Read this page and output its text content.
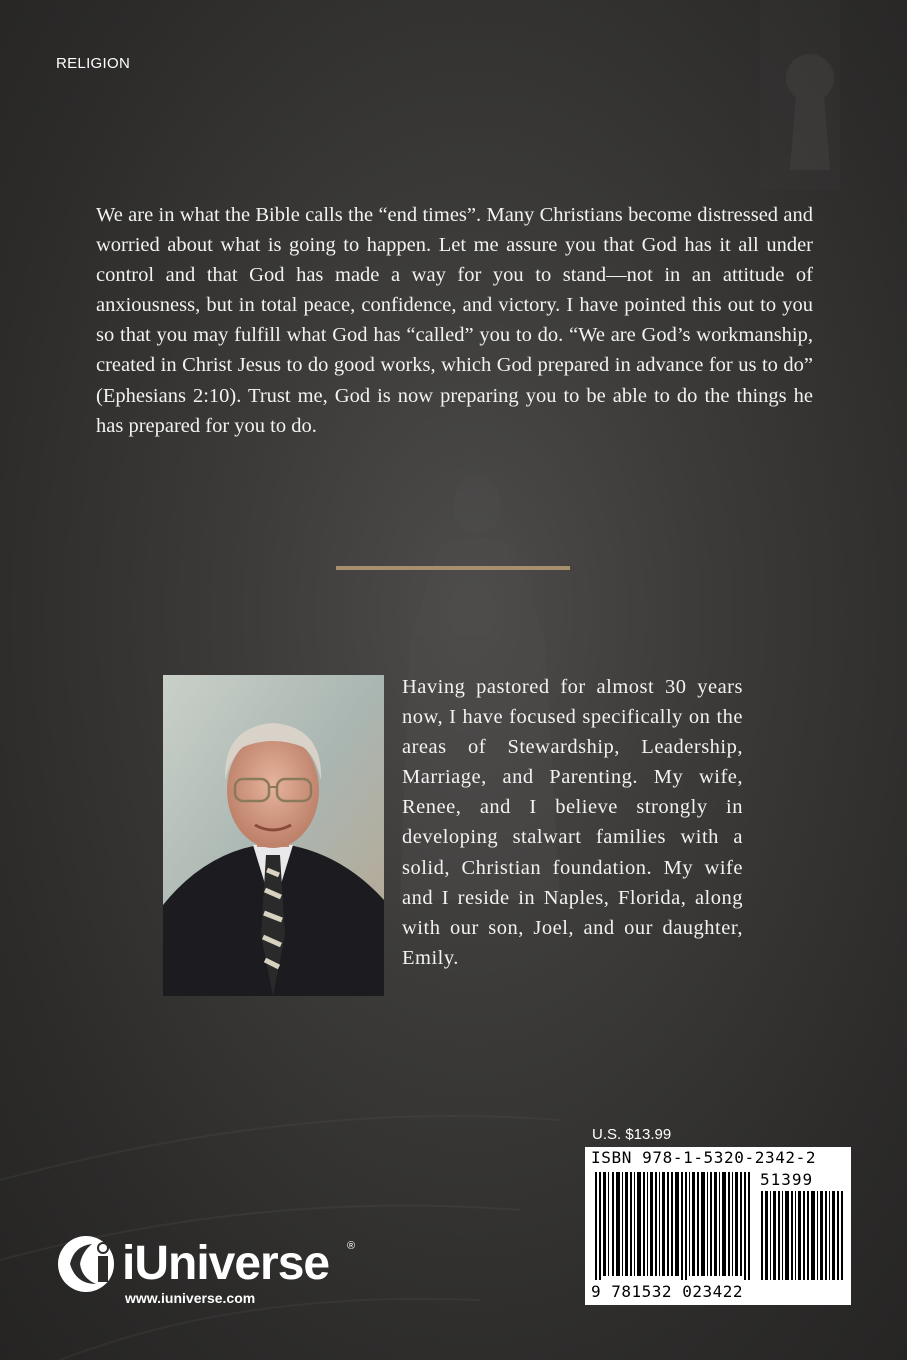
RELIGION

We are in what the Bible calls the “end times”. Many Christians become distressed and worried about what is going to happen. Let me assure you that God has it all under control and that God has made a way for you to stand—not in an attitude of anxiousness, but in total peace, confidence, and victory. I have pointed this out to you so that you may fulfill what God has “called” you to do. “We are God’s workmanship, created in Christ Jesus to do good works, which God prepared in advance for us to do” (Ephesians 2:10). Trust me, God is now preparing you to be able to do the things he has prepared for you to do.

Having pastored for almost 30 years now, I have focused specifically on the areas of Stewardship, Leadership, Marriage, and Parenting. My wife, Renee, and I believe strongly in developing stalwart families with a solid, Christian foundation. My wife and I reside in Naples, Florida, along with our son, Joel, and our daughter, Emily.

U.S. $13.99
ISBN 978-1-5320-2342-2
51399
9 781532 023422
iUniverse ®
www.iuniverse.com
